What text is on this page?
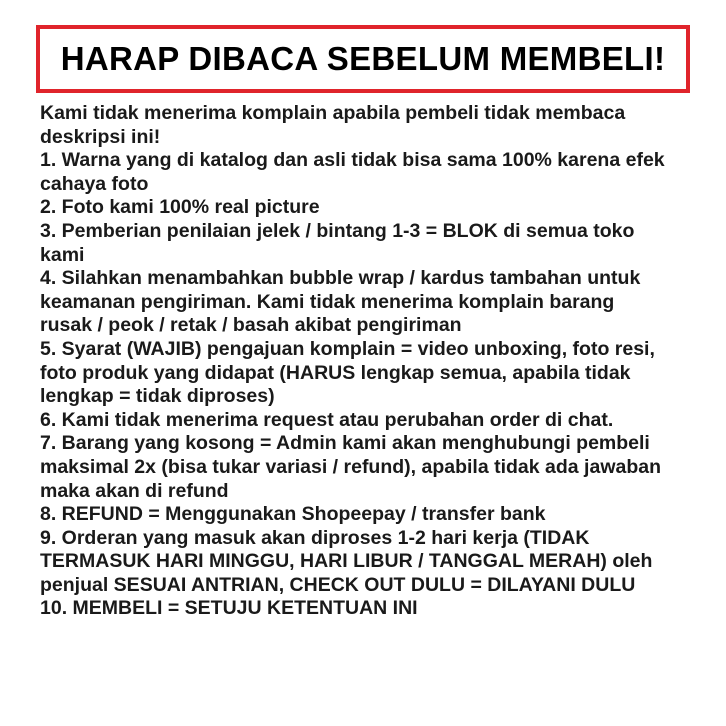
HARAP DIBACA SEBELUM MEMBELI!
Kami tidak menerima komplain apabila pembeli tidak membaca
deskripsi ini!
1. Warna yang di katalog dan asli tidak bisa sama 100% karena efek
cahaya foto
2. Foto kami 100% real picture
3. Pemberian penilaian jelek / bintang 1-3 = BLOK di semua toko
kami
4. Silahkan menambahkan bubble wrap / kardus tambahan untuk
keamanan pengiriman. Kami tidak menerima komplain barang
rusak / peok / retak / basah akibat pengiriman
5. Syarat (WAJIB) pengajuan komplain = video unboxing, foto resi,
foto produk yang didapat (HARUS lengkap semua, apabila tidak
lengkap = tidak diproses)
6. Kami tidak menerima request atau perubahan order di chat.
7. Barang yang kosong = Admin kami akan menghubungi pembeli
maksimal 2x (bisa tukar variasi / refund), apabila tidak ada jawaban
maka akan di refund
8. REFUND = Menggunakan Shopeepay / transfer bank
9. Orderan yang masuk akan diproses 1-2 hari kerja (TIDAK
TERMASUK HARI MINGGU, HARI LIBUR / TANGGAL MERAH) oleh
penjual SESUAI ANTRIAN, CHECK OUT DULU = DILAYANI DULU
10. MEMBELI = SETUJU KETENTUAN INI
